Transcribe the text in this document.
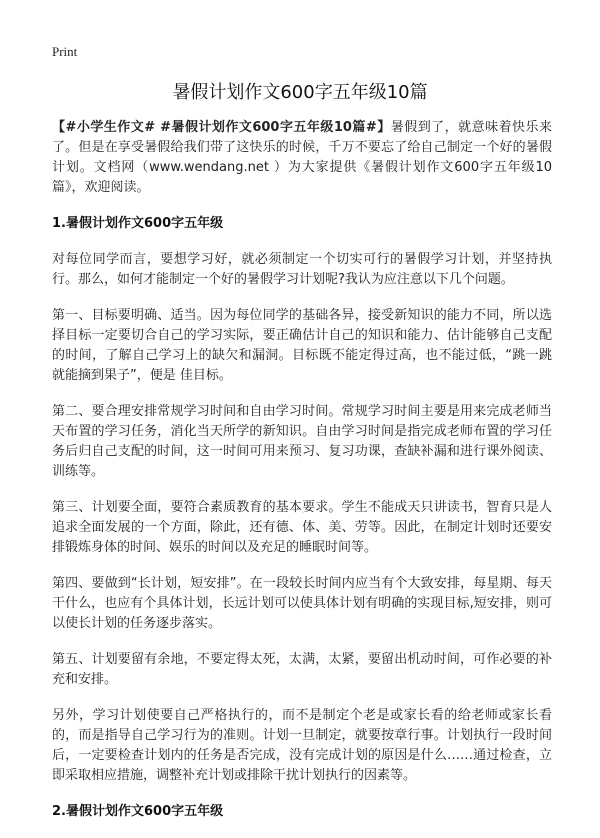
Print
暑假计划作文600字五年级10篇

【#小学生作文# #暑假计划作文600字五年级10篇#】暑假到了，就意味着快乐来了。但是在享受暑假给我们带了这快乐的时候，千万不要忘了给自己制定一个好的暑假计划。文档网（www.wendang.net ）为大家提供《暑假计划作文600字五年级10篇》，欢迎阅读。

1.暑假计划作文600字五年级

对每位同学而言，要想学习好，就必须制定一个切实可行的暑假学习计划，并坚持执行。那么，如何才能制定一个好的暑假学习计划呢?我认为应注意以下几个问题。

第一、目标要明确、适当。因为每位同学的基础各异，接受新知识的能力不同，所以选择目标一定要切合自己的学习实际，要正确估计自己的知识和能力、估计能够自己支配的时间，了解自己学习上的缺欠和漏洞。目标既不能定得过高，也不能过低，“跳一跳就能摘到果子”，便是 佳目标。

第二、要合理安排常规学习时间和自由学习时间。常规学习时间主要是用来完成老师当天布置的学习任务，消化当天所学的新知识。自由学习时间是指完成老师布置的学习任务后归自己支配的时间，这一时间可用来预习、复习功课，查缺补漏和进行课外阅读、训练等。

第三、计划要全面，要符合素质教育的基本要求。学生不能成天只讲读书，智育只是人追求全面发展的一个方面，除此，还有德、体、美、劳等。因此，在制定计划时还要安排锻炼身体的时间、娱乐的时间以及充足的睡眠时间等。

第四、要做到“长计划，短安排”。在一段较长时间内应当有个大致安排，每星期、每天干什么，也应有个具体计划，长远计划可以使具体计划有明确的实现目标,短安排，则可以使长计划的任务逐步落实。

第五、计划要留有余地，不要定得太死，太满，太紧，要留出机动时间，可作必要的补充和安排。

另外，学习计划使要自己严格执行的，而不是制定个老是或家长看的给老师或家长看的，而是指导自己学习行为的准则。计划一旦制定，就要按章行事。计划执行一段时间后，一定要检查计划内的任务是否完成，没有完成计划的原因是什么……通过检查，立即采取相应措施，调整补充计划或排除干扰计划执行的因素等。

2.暑假计划作文600字五年级
